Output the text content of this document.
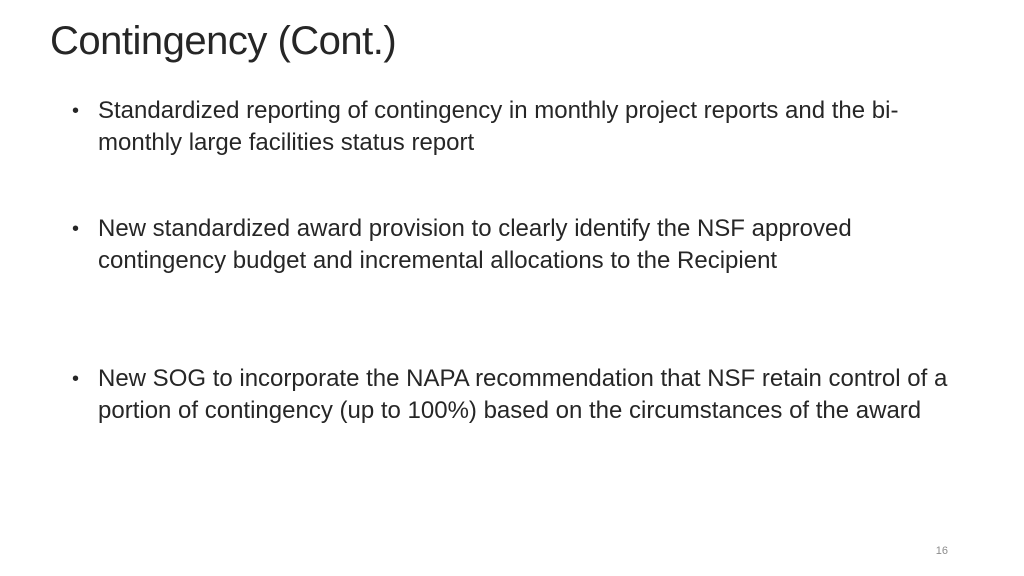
Contingency (Cont.)
• Standardized reporting of contingency in monthly project reports and the bi-monthly large facilities status report
• New standardized award provision to clearly identify the NSF approved contingency budget and incremental allocations to the Recipient
• New SOG to incorporate the NAPA recommendation that NSF retain control of a portion of contingency (up to 100%) based on the circumstances of the award
16
